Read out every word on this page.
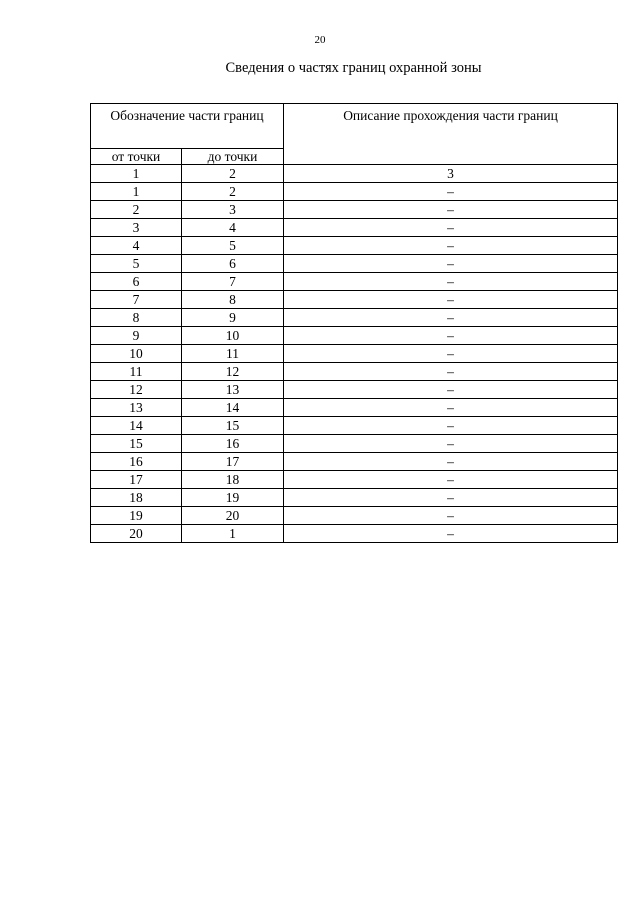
20
Сведения о частях границ охранной зоны
Обозначение части границ		Описание прохождения части границ

от точки	до точки	
1	2	3
1	2	–
2	3	–
3	4	–
4	5	–
5	6	–
6	7	–
7	8	–
8	9	–
9	10	–
10	11	–
11	12	–
12	13	–
13	14	–
14	15	–
15	16	–
16	17	–
17	18	–
18	19	–
19	20	–
20	1	–
